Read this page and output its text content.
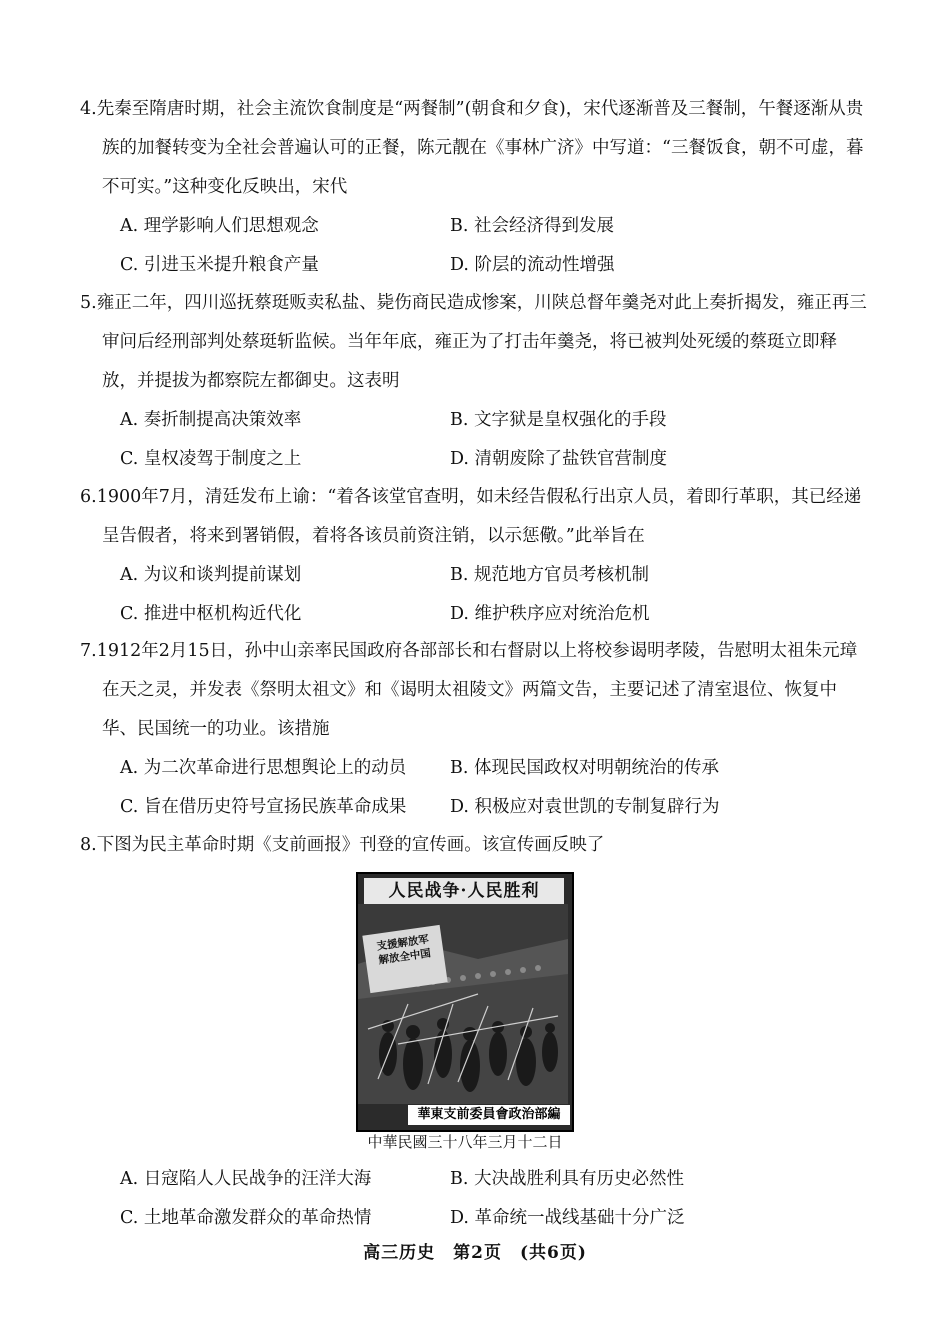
4.先秦至隋唐时期，社会主流饮食制度是“两餐制”(朝食和夕食)，宋代逐渐普及三餐制，午餐逐渐从贵族的加餐转变为全社会普遍认可的正餐，陈元靓在《事林广济》中写道：“三餐饭食，朝不可虚，暮不可实。”这种变化反映出，宋代
A. 理学影响人们思想观念	B. 社会经济得到发展
C. 引进玉米提升粮食产量	D. 阶层的流动性增强
5.雍正二年，四川巡抚蔡珽贩卖私盐、毙伤商民造成惨案，川陕总督年羹尧对此上奏折揭发，雍正再三审问后经刑部判处蔡珽斩监候。当年年底，雍正为了打击年羹尧，将已被判处死缓的蔡珽立即释放，并提拔为都察院左都御史。这表明
A. 奏折制提高决策效率	B. 文字狱是皇权强化的手段
C. 皇权凌驾于制度之上	D. 清朝废除了盐铁官营制度
6.1900年7月，清廷发布上谕：“着各该堂官查明，如未经告假私行出京人员，着即行革职，其已经递呈告假者，将来到署销假，着将各该员前资注销，以示惩儆。”此举旨在
A. 为议和谈判提前谋划	B. 规范地方官员考核机制
C. 推进中枢机构近代化	D. 维护秩序应对统治危机
7.1912年2月15日，孙中山亲率民国政府各部部长和右督尉以上将校参谒明孝陵，告慰明太祖朱元璋在天之灵，并发表《祭明太祖文》和《谒明太祖陵文》两篇文告，主要记述了清室退位、恢复中华、民国统一的功业。该措施
A. 为二次革命进行思想舆论上的动员	B. 体现民国政权对明朝统治的传承
C. 旨在借历史符号宣扬民族革命成果	D. 积极应对袁世凯的专制复辟行为
8.下图为民主革命时期《支前画报》刊登的宣传画。该宣传画反映了
人民战争·人民胜利
支援解放军
解放全中国
華東支前委員會政治部編
中華民國三十八年三月十二日
A. 日寇陷人人民战争的汪洋大海	B. 大决战胜利具有历史必然性
C. 土地革命激发群众的革命热情	D. 革命统一战线基础十分广泛
高三历史　第2页　(共6页)
